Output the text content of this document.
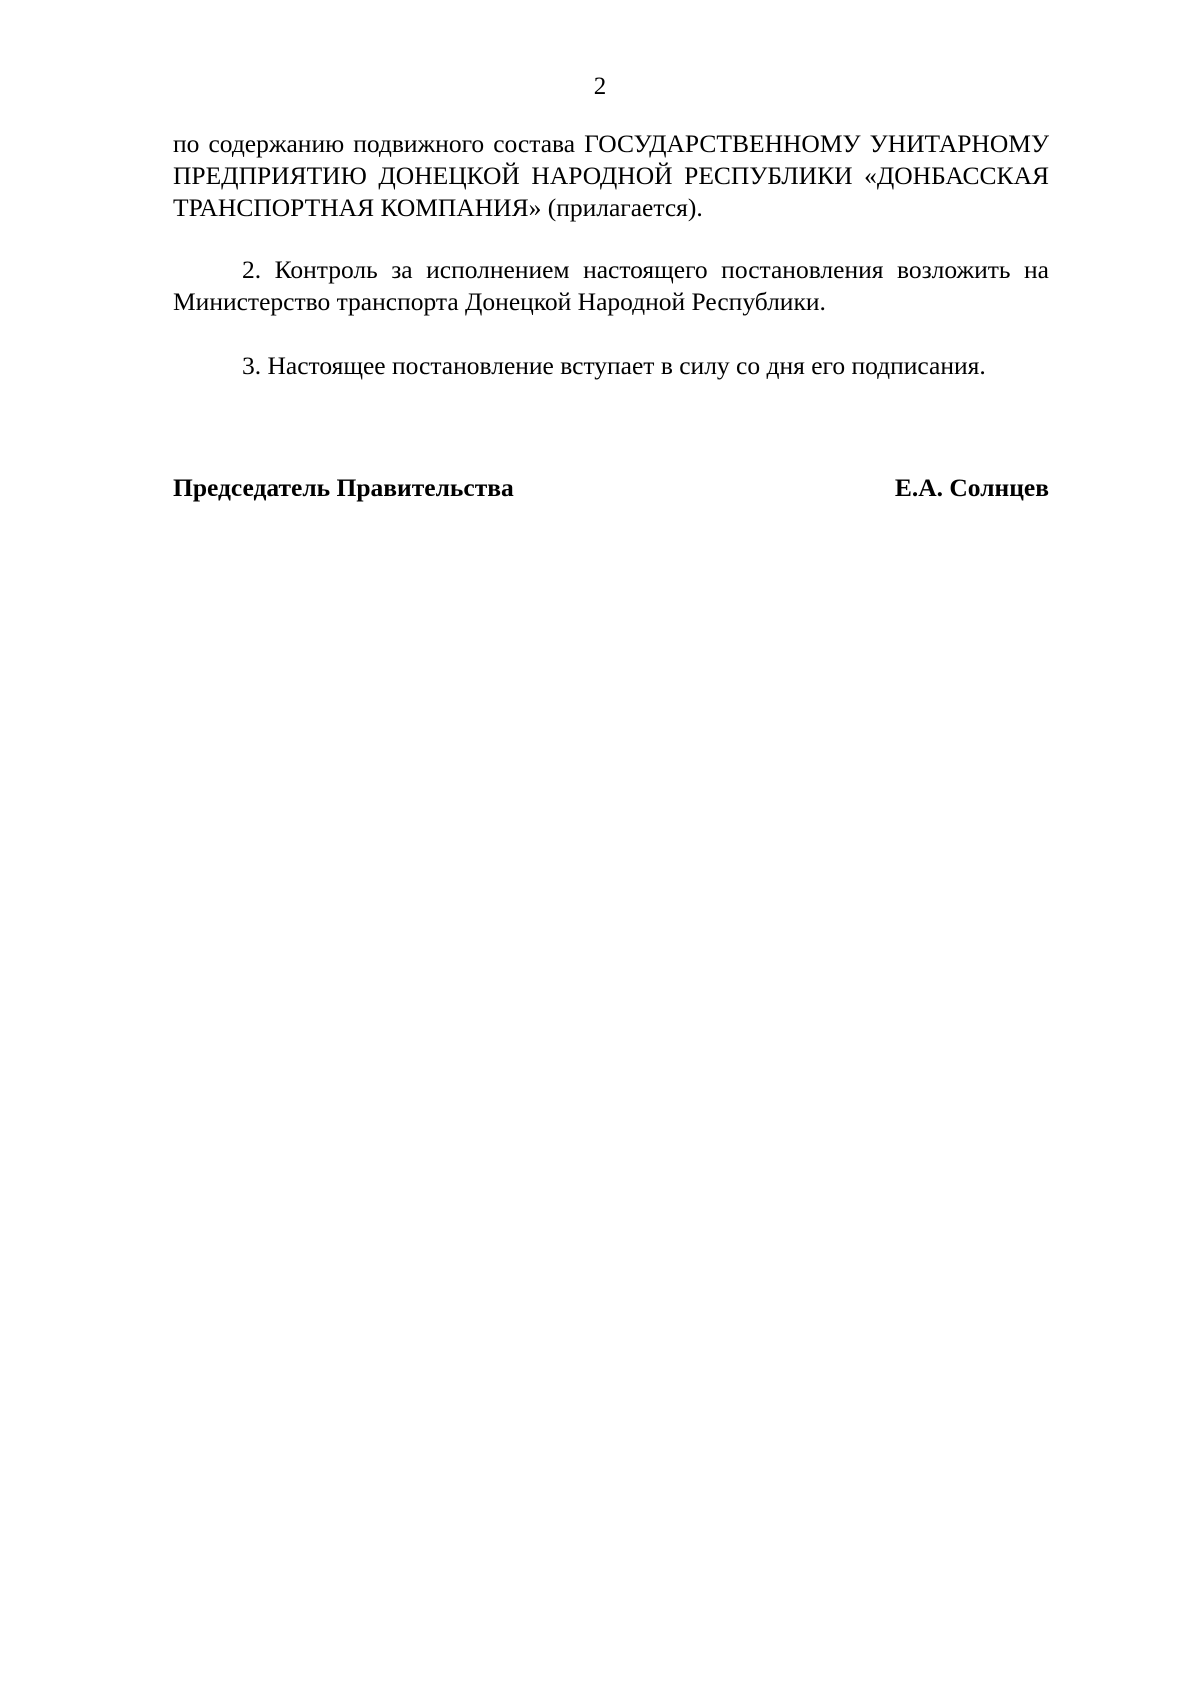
2

по содержанию подвижного состава ГОСУДАРСТВЕННОМУ УНИТАРНОМУ ПРЕДПРИЯТИЮ ДОНЕЦКОЙ НАРОДНОЙ РЕСПУБЛИКИ «ДОНБАССКАЯ ТРАНСПОРТНАЯ КОМПАНИЯ» (прилагается).

2. Контроль за исполнением настоящего постановления возложить на Министерство транспорта Донецкой Народной Республики.

3. Настоящее постановление вступает в силу со дня его подписания.

Председатель Правительства	Е.А. Солнцев
